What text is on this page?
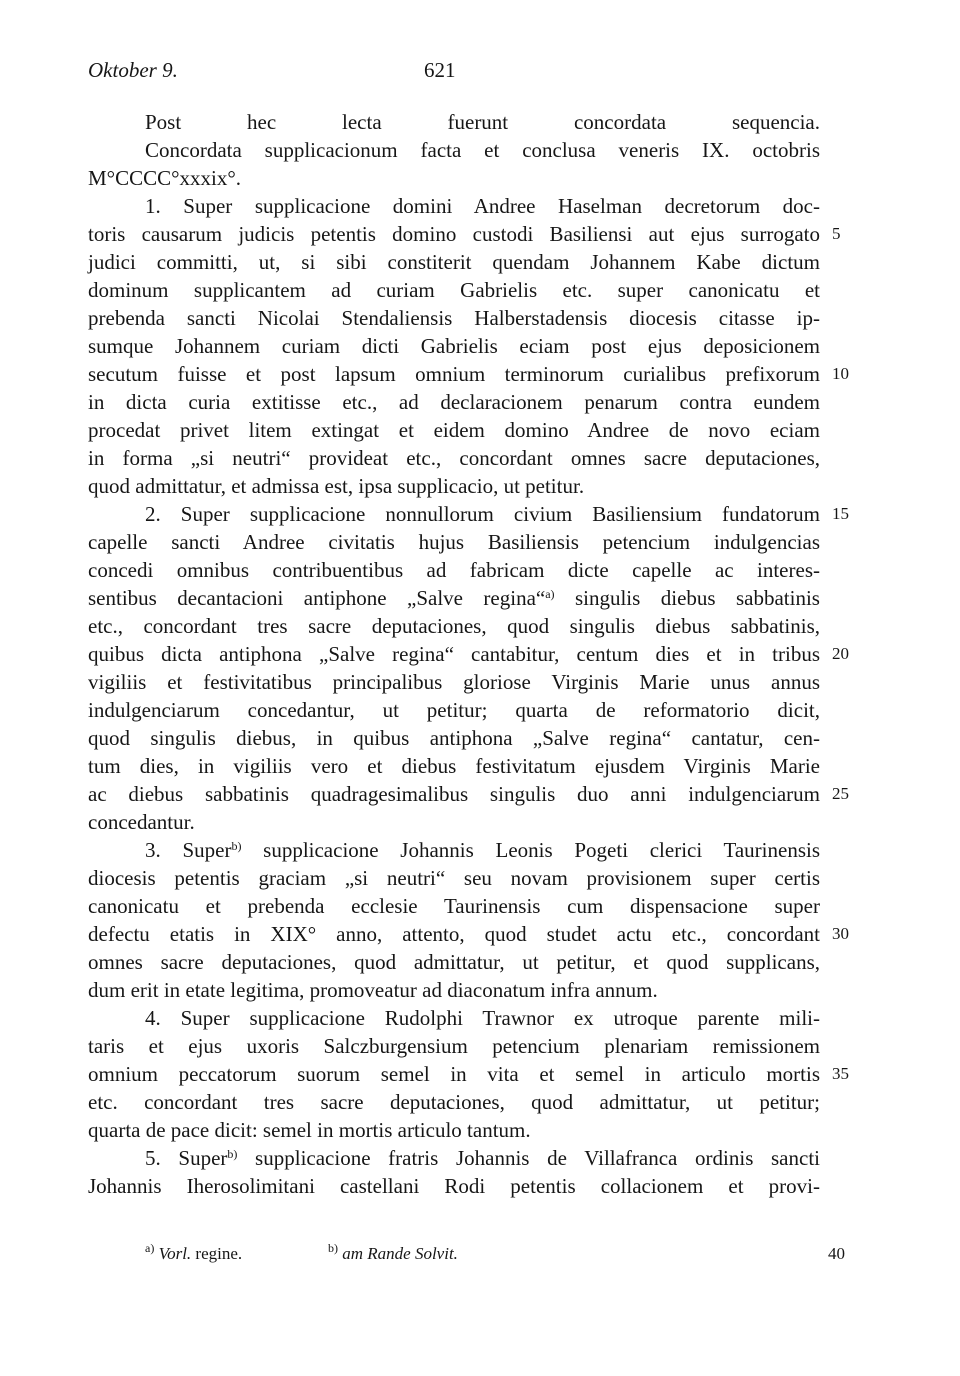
Oktober 9.	621
Post hec lecta fuerunt concordata sequencia.
Concordata supplicacionum facta et conclusa veneris IX. octobris
M°CCCC°xxxix°.
1. Super supplicacione domini Andree Haselman decretorum doc-
toris causarum judicis petentis domino custodi Basiliensi aut ejus surrogato
judici committi, ut, si sibi constiterit quendam Johannem Kabe dictum
dominum supplicantem ad curiam Gabrielis etc. super canonicatu et
prebenda sancti Nicolai Stendaliensis Halberstadensis diocesis citasse ip-
sumque Johannem curiam dicti Gabrielis eciam post ejus deposicionem
secutum fuisse et post lapsum omnium terminorum curialibus prefixorum
in dicta curia extitisse etc., ad declaracionem penarum contra eundem
procedat privet litem extingat et eidem domino Andree de novo eciam
in forma „si neutri“ provideat etc., concordant omnes sacre deputaciones,
quod admittatur, et admissa est, ipsa supplicacio, ut petitur.
2. Super supplicacione nonnullorum civium Basiliensium fundatorum
capelle sancti Andree civitatis hujus Basiliensis petencium indulgencias
concedi omnibus contribuentibus ad fabricam dicte capelle ac interes-
sentibus decantacioni antiphone „Salve regina“$^{a)}$ singulis diebus sabbatinis
etc., concordant tres sacre deputaciones, quod singulis diebus sabbatinis,
quibus dicta antiphona „Salve regina“ cantabitur, centum dies et in tribus
vigiliis et festivitatibus principalibus gloriose Virginis Marie unus annus
indulgenciarum concedantur, ut petitur; quarta de reformatorio dicit,
quod singulis diebus, in quibus antiphona „Salve regina“ cantatur, cen-
tum dies, in vigiliis vero et diebus festivitatum ejusdem Virginis Marie
ac diebus sabbatinis quadragesimalibus singulis duo anni indulgenciarum
concedantur.
3. Super$^{b)}$ supplicacione Johannis Leonis Pogeti clerici Taurinensis
diocesis petentis graciam „si neutri“ seu novam provisionem super certis
canonicatu et prebenda ecclesie Taurinensis cum dispensacione super
defectu etatis in XIX° anno, attento, quod studet actu etc., concordant
omnes sacre deputaciones, quod admittatur, ut petitur, et quod supplicans,
dum erit in etate legitima, promoveatur ad diaconatum infra annum.
4. Super supplicacione Rudolphi Trawnor ex utroque parente mili-
taris et ejus uxoris Salczburgensium petencium plenariam remissionem
omnium peccatorum suorum semel in vita et semel in articulo mortis
etc. concordant tres sacre deputaciones, quod admittatur, ut petitur;
quarta de pace dicit: semel in mortis articulo tantum.
5. Super$^{b)}$ supplicacione fratris Johannis de Villafranca ordinis sancti
Johannis Iherosolimitani castellani Rodi petentis collacionem et provi-
5
10
15
20
25
30
35
$^{a)}$ Vorl. regine.	$^{b)}$ am Rande Solvit.	40
